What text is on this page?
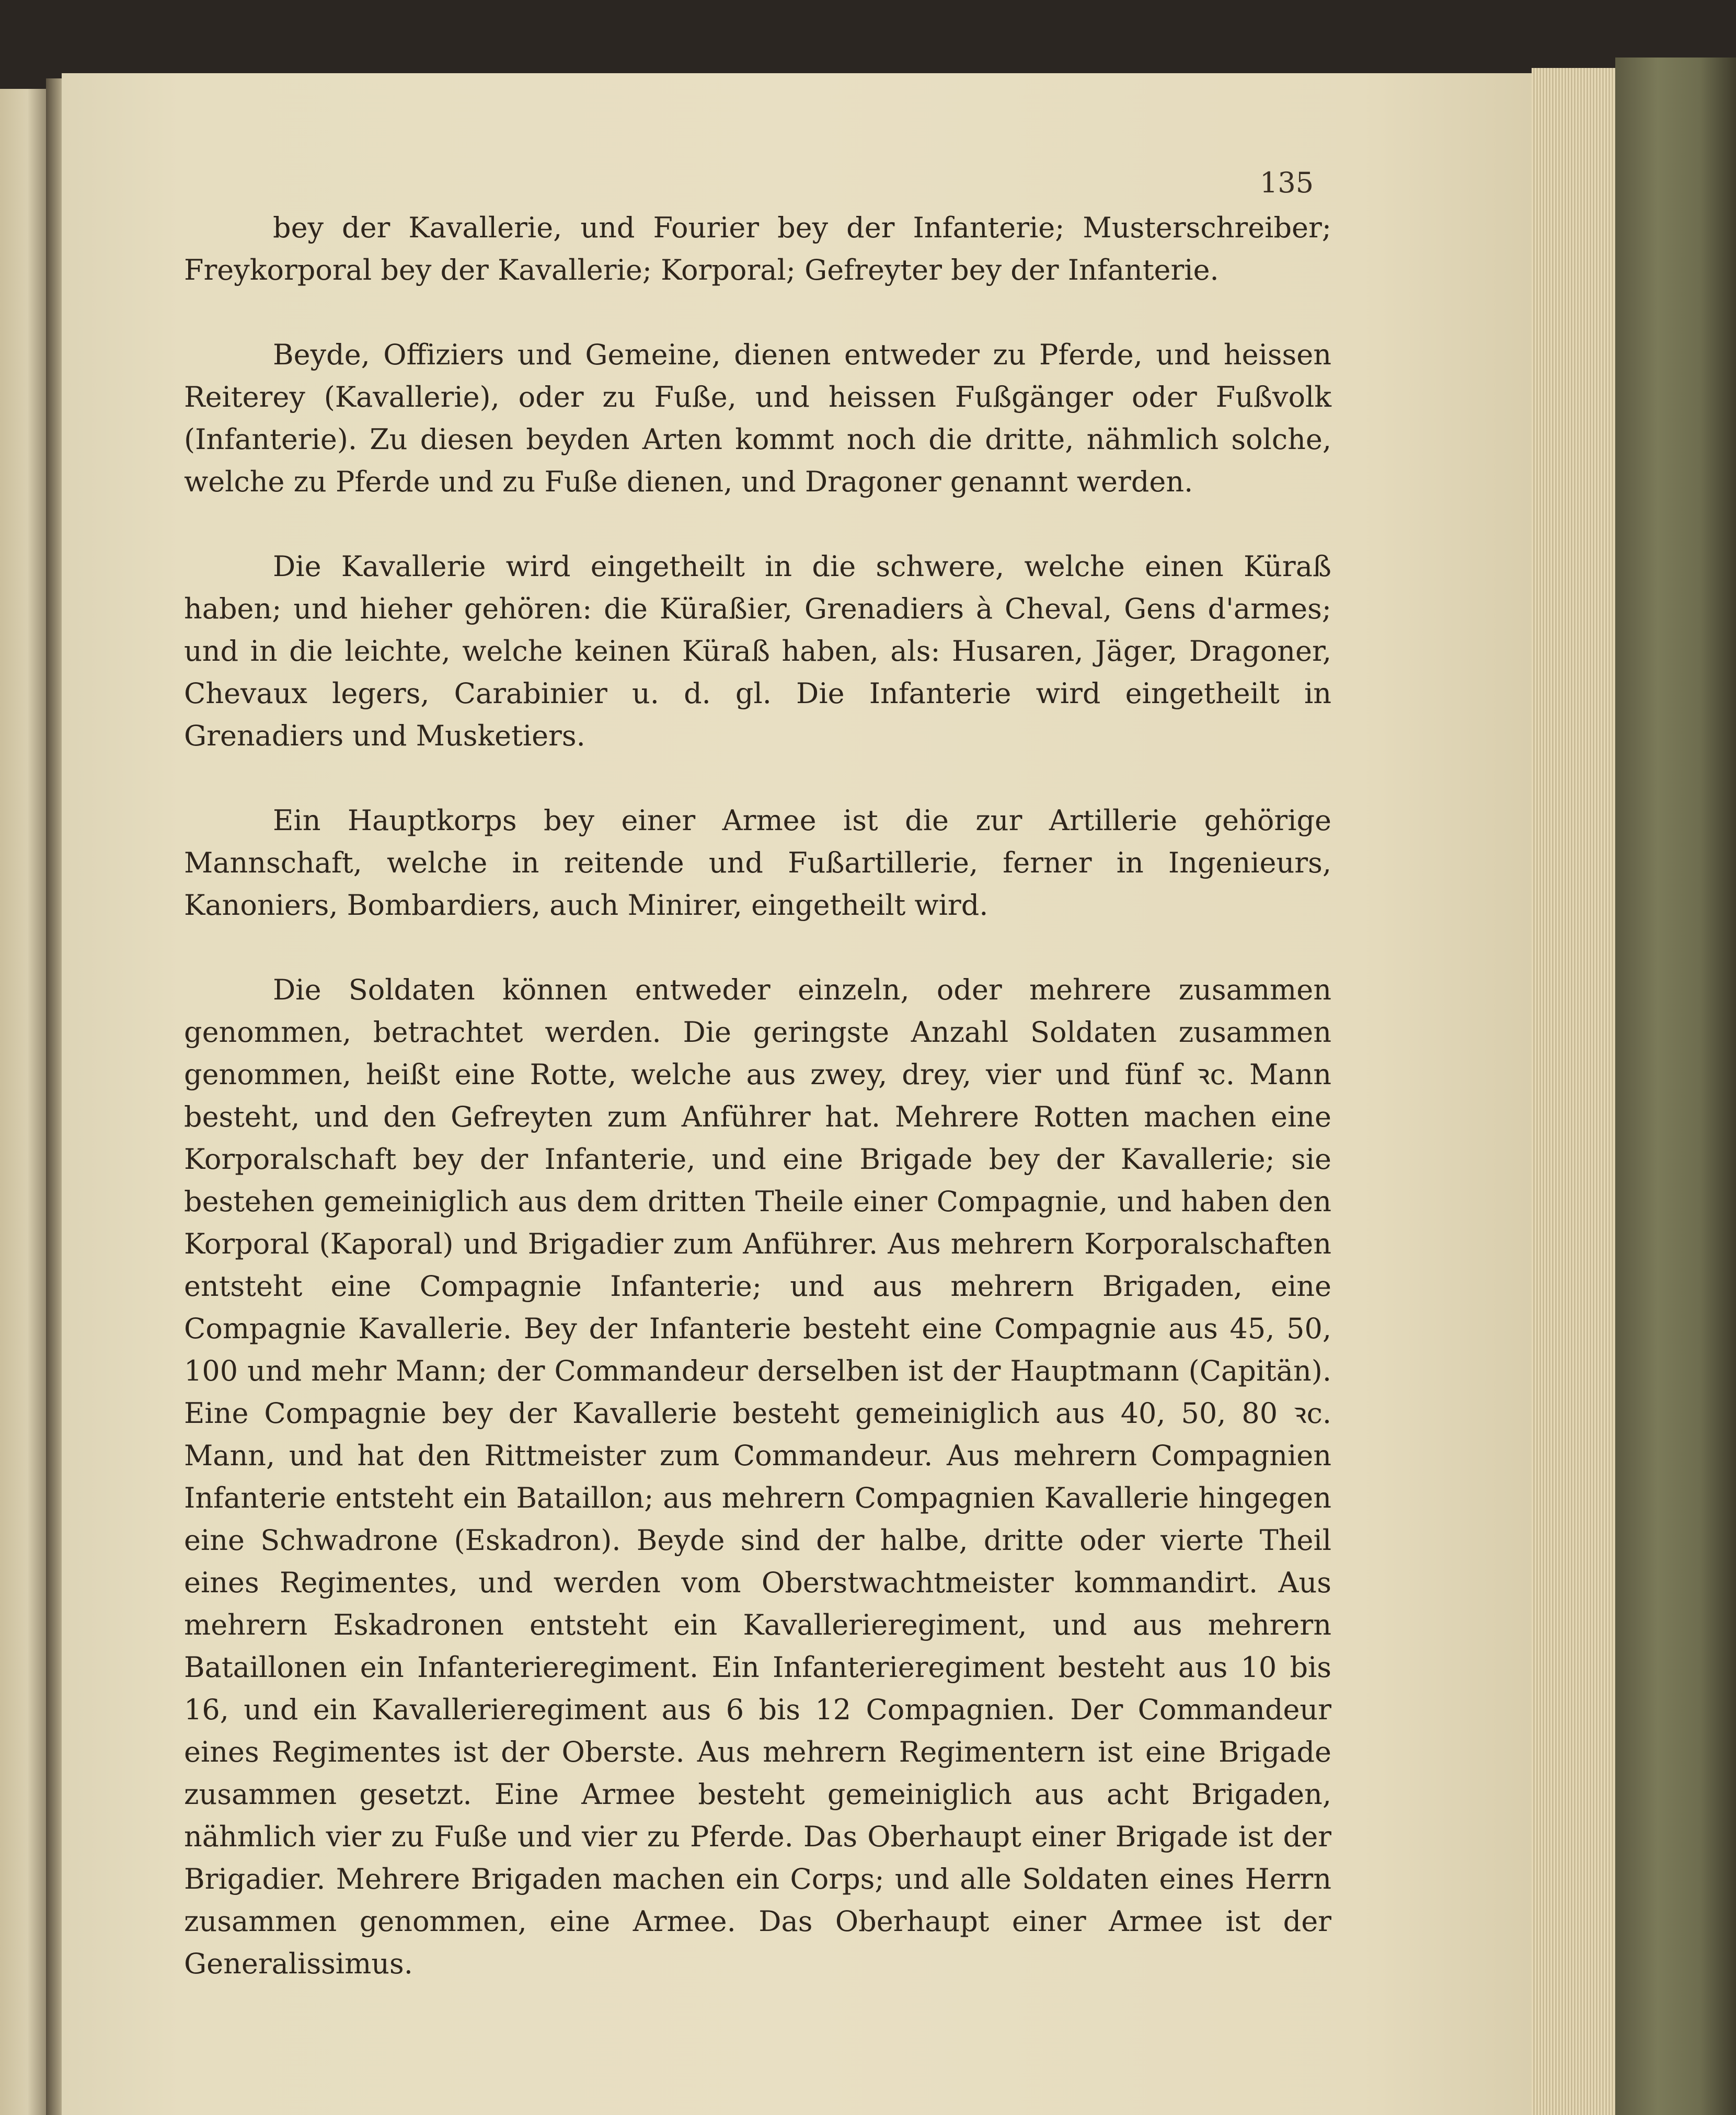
135

bey der Kavallerie, und Fourier bey der Infanterie; Musterschreiber; Freykorporal bey der Kavallerie; Korporal; Gefreyter bey der Infanterie.

Beyde, Offiziers und Gemeine, dienen entweder zu Pferde, und heissen Reiterey (Kavallerie), oder zu Fuße, und heissen Fußgänger oder Fußvolk (Infanterie). Zu diesen beyden Arten kommt noch die dritte, nähmlich solche, welche zu Pferde und zu Fuße dienen, und Dragoner genannt werden.

Die Kavallerie wird eingetheilt in die schwere, welche einen Küraß haben; und hieher gehören: die Küraßier, Grenadiers à Cheval, Gens d'armes; und in die leichte, welche keinen Küraß haben, als: Husaren, Jäger, Dragoner, Chevaux legers, Carabinier u. d. gl. Die Infanterie wird eingetheilt in Grenadiers und Musketiers.

Ein Hauptkorps bey einer Armee ist die zur Artillerie gehörige Mannschaft, welche in reitende und Fußartillerie, ferner in Ingenieurs, Kanoniers, Bombardiers, auch Minirer, eingetheilt wird.

Die Soldaten können entweder einzeln, oder mehrere zusammen genommen, betrachtet werden. Die geringste Anzahl Soldaten zusammen genommen, heißt eine Rotte, welche aus zwey, drey, vier und fünf ꝛc. Mann besteht, und den Gefreyten zum Anführer hat. Mehrere Rotten machen eine Korporalschaft bey der Infanterie, und eine Brigade bey der Kavallerie; sie bestehen gemeiniglich aus dem dritten Theile einer Compagnie, und haben den Korporal (Kaporal) und Brigadier zum Anführer. Aus mehrern Korporalschaften entsteht eine Compagnie Infanterie; und aus mehrern Brigaden, eine Compagnie Kavallerie. Bey der Infanterie besteht eine Compagnie aus 45, 50, 100 und mehr Mann; der Commandeur derselben ist der Hauptmann (Capitän). Eine Compagnie bey der Kavallerie besteht gemeiniglich aus 40, 50, 80 ꝛc. Mann, und hat den Rittmeister zum Commandeur. Aus mehrern Compagnien Infanterie entsteht ein Bataillon; aus mehrern Compagnien Kavallerie hingegen eine Schwadrone (Eskadron). Beyde sind der halbe, dritte oder vierte Theil eines Regimentes, und werden vom Oberstwachtmeister kommandirt. Aus mehrern Eskadronen entsteht ein Kavallerieregiment, und aus mehrern Bataillonen ein Infanterieregiment. Ein Infanterieregiment besteht aus 10 bis 16, und ein Kavallerieregiment aus 6 bis 12 Compagnien. Der Commandeur eines Regimentes ist der Oberste. Aus mehrern Regimentern ist eine Brigade zusammen gesetzt. Eine Armee besteht gemeiniglich aus acht Brigaden, nähmlich vier zu Fuße und vier zu Pferde. Das Oberhaupt einer Brigade ist der Brigadier. Mehrere Brigaden machen ein Corps; und alle Soldaten eines Herrn zusammen genommen, eine Armee. Das Oberhaupt einer Armee ist der Generalissimus.
